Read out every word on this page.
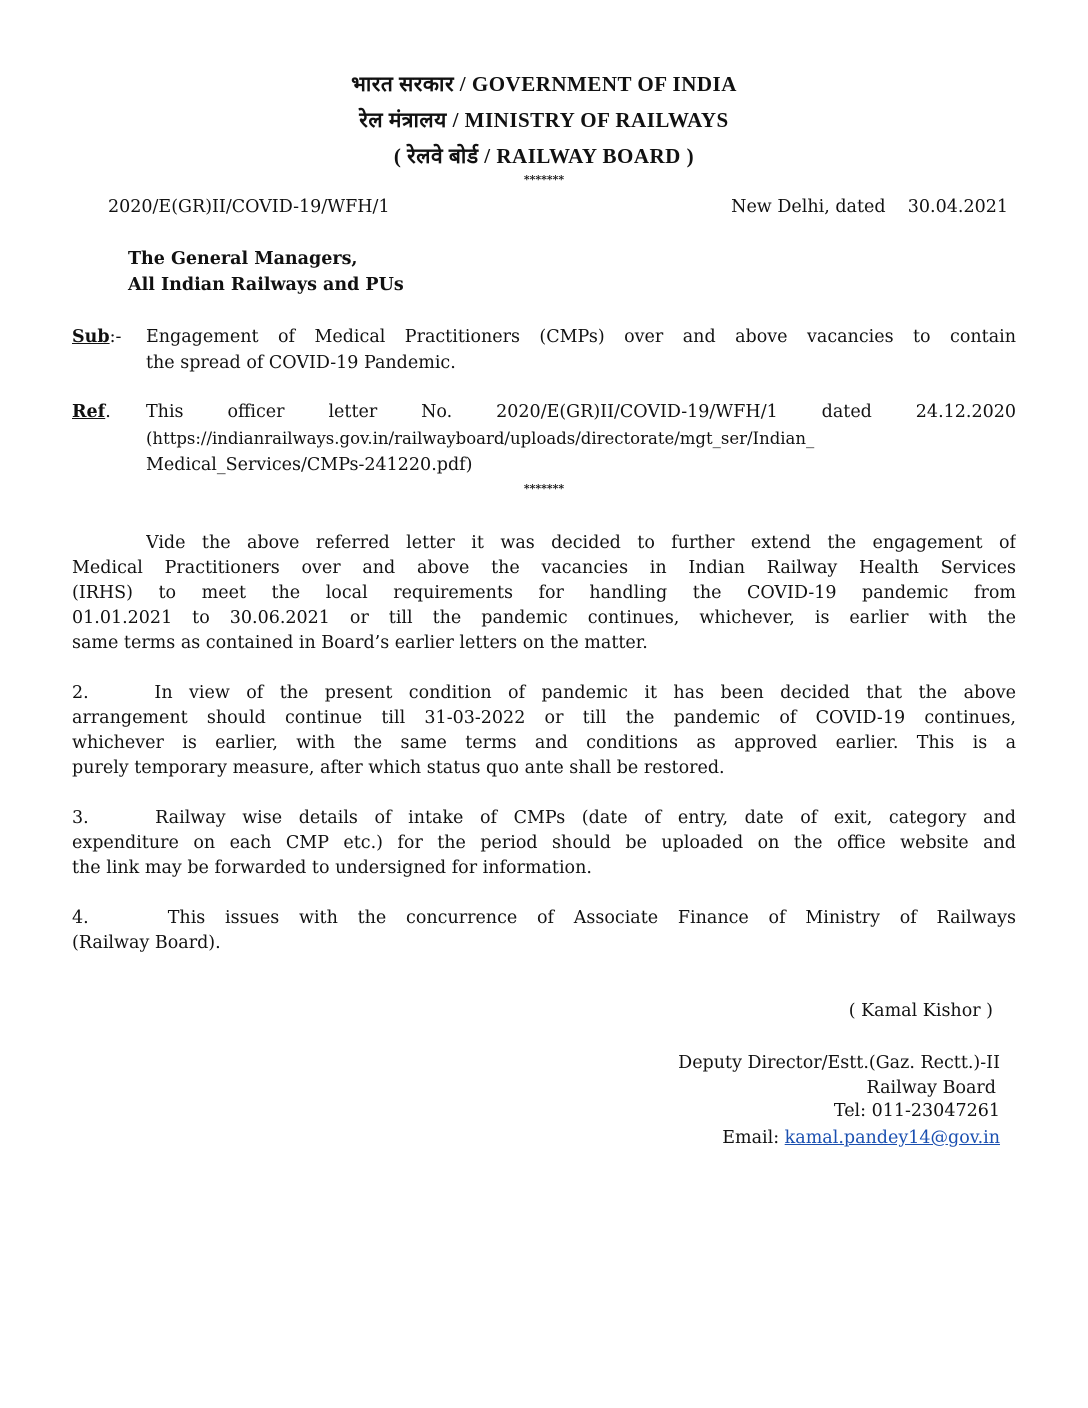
भारत सरकार / GOVERNMENT OF INDIA
रेल मंत्रालय / MINISTRY OF RAILWAYS
( रेलवे बोर्ड / RAILWAY BOARD )
*******
2020/E(GR)II/COVID-19/WFH/1	New Delhi, dated    30.04.2021
The General Managers,
All Indian Railways and PUs
Sub:- Engagement of Medical Practitioners (CMPs) over and above vacancies to contain
the spread of COVID-19 Pandemic.
Ref. This officer letter No. 2020/E(GR)II/COVID-19/WFH/1 dated 24.12.2020
(https://indianrailways.gov.in/railwayboard/uploads/directorate/mgt_ser/Indian_
Medical_Services/CMPs-241220.pdf)
*******
Vide the above referred letter it was decided to further extend the engagement of
Medical Practitioners over and above the vacancies in Indian Railway Health Services
(IRHS) to meet the local requirements for handling the COVID-19 pandemic from
01.01.2021 to 30.06.2021 or till the pandemic continues, whichever, is earlier with the
same terms as contained in Board’s earlier letters on the matter.
2.    In view of the present condition of pandemic it has been decided that the above
arrangement should continue till 31-03-2022 or till the pandemic of COVID-19 continues,
whichever is earlier, with the same terms and conditions as approved earlier. This is a
purely temporary measure, after which status quo ante shall be restored.
3.    Railway wise details of intake of CMPs (date of entry, date of exit, category and
expenditure on each CMP etc.) for the period should be uploaded on the office website and
the link may be forwarded to undersigned for information.
4.    This issues with the concurrence of Associate Finance of Ministry of Railways
(Railway Board).
( Kamal Kishor )
Deputy Director/Estt.(Gaz. Rectt.)-II
Railway Board
Tel: 011-23047261
Email: kamal.pandey14@gov.in
